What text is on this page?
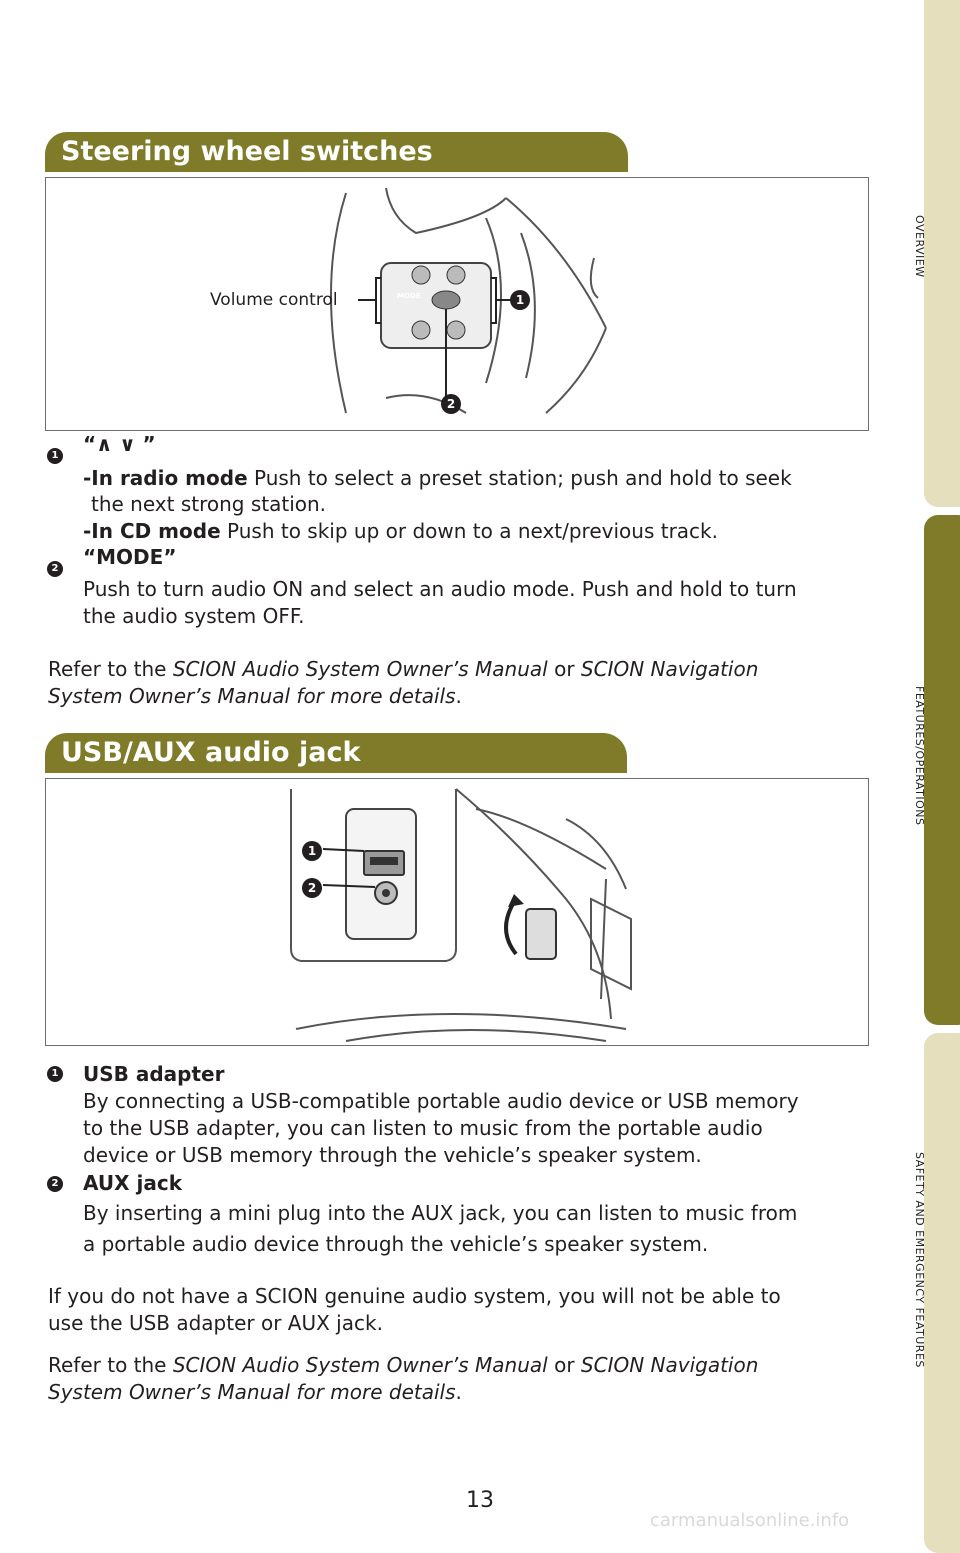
OVERVIEW
FEATURES/OPERATIONS
SAFETY AND EMERGENCY FEATURES
Steering wheel switches
Volume control	MODE	1
2
1 “∧ ∨ ”
-In radio mode Push to select a preset station; push and hold to seek
the next strong station.
-In CD mode Push to skip up or down to a next/previous track.
2 “MODE”
Push to turn audio ON and select an audio mode. Push and hold to turn
the audio system OFF.
Refer to the SCION Audio System Owner’s Manual or SCION Navigation
System Owner’s Manual for more details.
USB/AUX audio jack
1
2
1 USB adapter
By connecting a USB-compatible portable audio device or USB memory
to the USB adapter, you can listen to music from the portable audio
device or USB memory through the vehicle’s speaker system.
2 AUX jack
By inserting a mini plug into the AUX jack, you can listen to music from
a portable audio device through the vehicle’s speaker system.
If you do not have a SCION genuine audio system, you will not be able to
use the USB adapter or AUX jack.
Refer to the SCION Audio System Owner’s Manual or SCION Navigation
System Owner’s Manual for more details.
13
carmanualsonline.info
